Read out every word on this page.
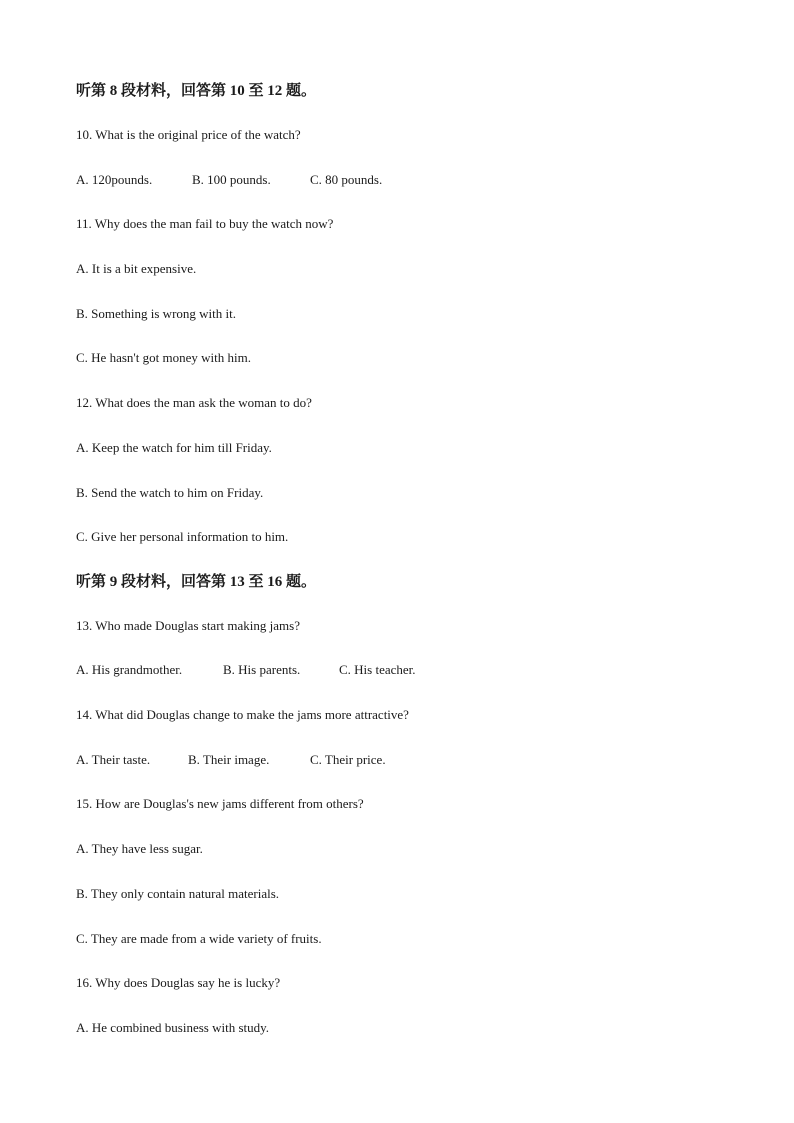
听第 8 段材料，回答第 10 至 12 题。
10. What is the original price of the watch?
A. 120pounds.	B. 100 pounds.	C. 80 pounds.
11. Why does the man fail to buy the watch now?
A. It is a bit expensive.
B. Something is wrong with it.
C. He hasn't got money with him.
12. What does the man ask the woman to do?
A. Keep the watch for him till Friday.
B. Send the watch to him on Friday.
C. Give her personal information to him.
听第 9 段材料，回答第 13 至 16 题。
13. Who made Douglas start making jams?
A. His grandmother.	B. His parents.	C. His teacher.
14. What did Douglas change to make the jams more attractive?
A. Their taste.	B. Their image.	C. Their price.
15. How are Douglas's new jams different from others?
A. They have less sugar.
B. They only contain natural materials.
C. They are made from a wide variety of fruits.
16. Why does Douglas say he is lucky?
A. He combined business with study.
